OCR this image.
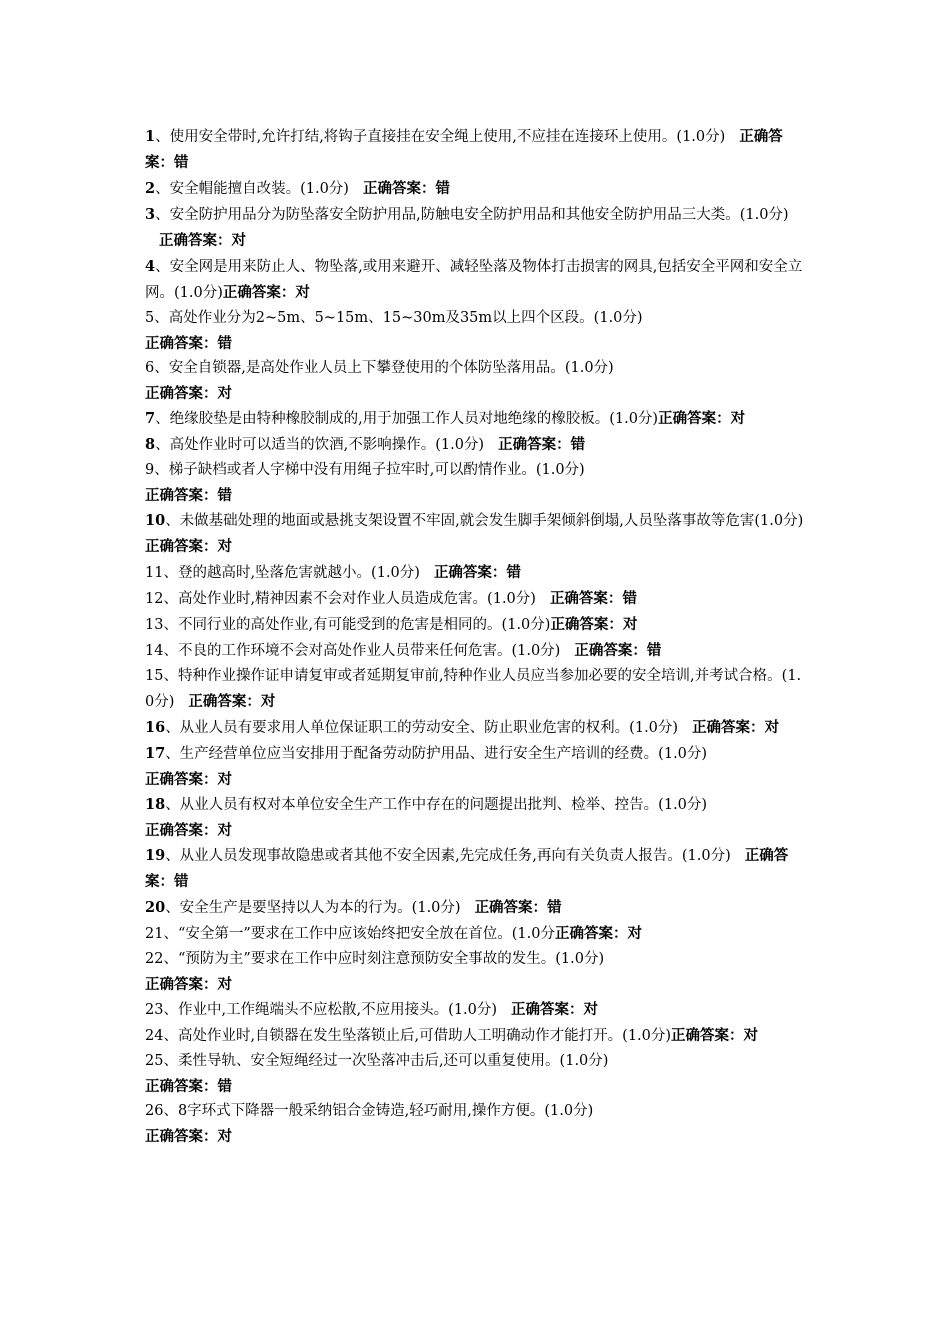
1、使用安全带时,允许打结,将钩子直接挂在安全绳上使用,不应挂在连接环上使用。(1.0分) 正确答案：错

2、安全帽能擅自改装。(1.0分) 正确答案：错

3、安全防护用品分为防坠落安全防护用品,防触电安全防护用品和其他安全防护用品三大类。(1.0分)正确答案：对

4、安全网是用来防止人、物坠落,或用来避开、减轻坠落及物体打击损害的网具,包括安全平网和安全立网。(1.0分)正确答案：对

5、高处作业分为2~5m、5~15m、15~30m及35m以上四个区段。(1.0分)
正确答案：错

6、安全自锁器,是高处作业人员上下攀登使用的个体防坠落用品。(1.0分)
正确答案：对

7、绝缘胶垫是由特种橡胶制成的,用于加强工作人员对地绝缘的橡胶板。(1.0分)正确答案：对

8、高处作业时可以适当的饮酒,不影响操作。(1.0分) 正确答案：错

9、梯子缺档或者人字梯中没有用绳子拉牢时,可以酌情作业。(1.0分)
正确答案：错

10、未做基础处理的地面或悬挑支架设置不牢固,就会发生脚手架倾斜倒塌,人员坠落事故等危害(1.0分)正确答案：对

11、登的越高时,坠落危害就越小。(1.0分) 正确答案：错

12、高处作业时,精神因素不会对作业人员造成危害。(1.0分) 正确答案：错

13、不同行业的高处作业,有可能受到的危害是相同的。(1.0分)正确答案：对

14、不良的工作环境不会对高处作业人员带来任何危害。(1.0分) 正确答案：错

15、特种作业操作证申请复审或者延期复审前,特种作业人员应当参加必要的安全培训,并考试合格。(1.0分) 正确答案：对

16、从业人员有要求用人单位保证职工的劳动安全、防止职业危害的权利。(1.0分) 正确答案：对

17、生产经营单位应当安排用于配备劳动防护用品、进行安全生产培训的经费。(1.0分)
正确答案：对

18、从业人员有权对本单位安全生产工作中存在的问题提出批判、检举、控告。(1.0分)
正确答案：对

19、从业人员发现事故隐患或者其他不安全因素,先完成任务,再向有关负责人报告。(1.0分) 正确答案：错

20、安全生产是要坚持以人为本的行为。(1.0分) 正确答案：错

21、“安全第一”要求在工作中应该始终把安全放在首位。(1.0分正确答案：对

22、“预防为主”要求在工作中应时刻注意预防安全事故的发生。(1.0分)
正确答案：对

23、作业中,工作绳端头不应松散,不应用接头。(1.0分) 正确答案：对

24、高处作业时,自锁器在发生坠落锁止后,可借助人工明确动作才能打开。(1.0分)正确答案：对

25、柔性导轨、安全短绳经过一次坠落冲击后,还可以重复使用。(1.0分)
正确答案：错

26、8字环式下降器一般采纳铝合金铸造,轻巧耐用,操作方便。(1.0分)
正确答案：对
